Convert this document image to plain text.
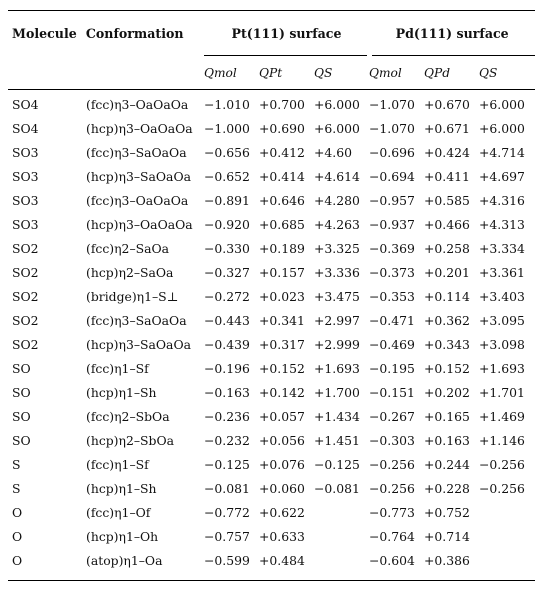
Molecule Conformation	Pt(111) surface	Pd(111) surface
Qmol	QPt	QS	Qmol	QPd	QS
SO4	(fcc)η3–OaOaOa	−1.010 +0.700 +6.000 −1.070 +0.670 +6.000
SO4	(hcp)η3–OaOaOa −1.000 +0.690 +6.000 −1.070 +0.671 +6.000
SO3	(fcc)η3–SaOaOa	−0.656 +0.412 +4.60	−0.696 +0.424 +4.714
SO3	(hcp)η3–SaOaOa	−0.652 +0.414 +4.614 −0.694 +0.411 +4.697
SO3	(fcc)η3–OaOaOa	−0.891 +0.646 +4.280 −0.957 +0.585 +4.316
SO3	(hcp)η3–OaOaOa −0.920 +0.685 +4.263 −0.937 +0.466 +4.313
SO2	(fcc)η2–SaOa	−0.330 +0.189 +3.325 −0.369 +0.258 +3.334
SO2	(hcp)η2–SaOa	−0.327 +0.157 +3.336 −0.373 +0.201 +3.361
SO2	(bridge)η1–S⊥	−0.272 +0.023 +3.475 −0.353 +0.114 +3.403
SO2	(fcc)η3–SaOaOa	−0.443 +0.341 +2.997 −0.471 +0.362 +3.095
SO2	(hcp)η3–SaOaOa	−0.439 +0.317 +2.999 −0.469 +0.343 +3.098
SO	(fcc)η1–Sf	−0.196 +0.152 +1.693 −0.195 +0.152 +1.693
SO	(hcp)η1–Sh	−0.163 +0.142 +1.700 −0.151 +0.202 +1.701
SO	(fcc)η2–SbOa	−0.236 +0.057 +1.434 −0.267 +0.165 +1.469
SO	(hcp)η2–SbOa	−0.232 +0.056 +1.451 −0.303 +0.163 +1.146
S	(fcc)η1–Sf	−0.125 +0.076 −0.125 −0.256 +0.244 −0.256
S	(hcp)η1–Sh	−0.081 +0.060 −0.081 −0.256 +0.228 −0.256
O	(fcc)η1–Of	−0.772 +0.622	−0.773 +0.752
O	(hcp)η1–Oh	−0.757 +0.633	−0.764 +0.714
O	(atop)η1–Oa	−0.599 +0.484	−0.604 +0.386
